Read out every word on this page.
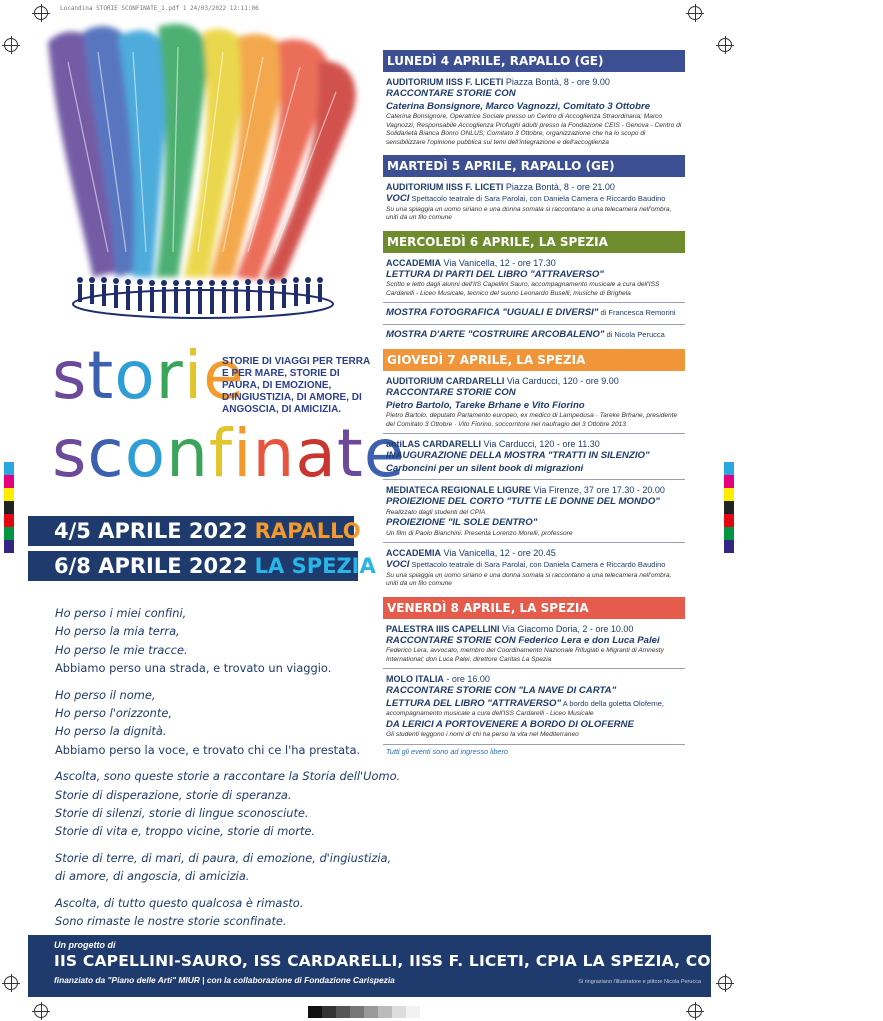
Locandina STORIE SCONFINATE_1.pdf 1 24/03/2022 12:11:06
storie
sconfinate
STORIE DI VIAGGI PER TERRA E PER MARE, STORIE DI PAURA, DI EMOZIONE, D'INGIUSTIZIA, DI AMORE, DI ANGOSCIA, DI AMICIZIA.
4/5 APRILE 2022 RAPALLO
6/8 APRILE 2022 LA SPEZIA

Ho perso i miei confini,

Ho perso la mia terra,

Ho perso le mie tracce.

Abbiamo perso una strada, e trovato un viaggio.

Ho perso il nome,

Ho perso l'orizzonte,

Ho perso la dignità.

Abbiamo perso la voce, e trovato chi ce l'ha prestata.

Ascolta, sono queste storie a raccontare la Storia dell'Uomo.

Storie di disperazione, storie di speranza.

Storie di silenzi, storie di lingue sconosciute.

Storie di vita e, troppo vicine, storie di morte.

Storie di terre, di mari, di paura, di emozione, d'ingiustizia,

di amore, di angoscia, di amicizia.

Ascolta, di tutto questo qualcosa è rimasto.

Sono rimaste le nostre storie sconfinate.

LUNEDÌ 4 APRILE, RAPALLO (GE)
AUDITORIUM IISS F. LICETI Piazza Bontà, 8 - ore 9.00
RACCONTARE STORIE CON
Caterina Bonsignore, Marco Vagnozzi, Comitato 3 Ottobre
Caterina Bonsignore, Operatrice Sociale presso un Centro di Accoglienza Straordinaria; Marco Vagnozzi, Responsabile Accoglienza Profughi adulti presso la Fondazione CEIS - Genova - Centro di Solidarietà Bianca Bonro ONLUS; Comitato 3 Ottobre, organizzazione che ha lo scopo di sensibilizzare l'opinione pubblica sui temi dell'integrazione e dell'accoglienza
MARTEDÌ 5 APRILE, RAPALLO (GE)
AUDITORIUM IISS F. LICETI Piazza Bontà, 8 - ore 21.00
VOCI Spettacolo teatrale di Sara Parolai, con Daniela Camera e Riccardo Baudino
Su una spiaggia un uomo siriano e una donna somala si raccontano a una telecamera nell'ombra, uniti da un filo comune
MERCOLEDÌ 6 APRILE, LA SPEZIA
ACCADEMIA Via Vanicella, 12 - ore 17.30
LETTURA DI PARTI DEL LIBRO "ATTRAVERSO"
Scritto e letto dagli alunni dell'IIS Capellini Sauro, accompagnamento musicale a cura dell'ISS Cardarelli - Liceo Musicale, tecnico del suono Leonardo Buselli, musiche di Brighela
MOSTRA FOTOGRAFICA "UGUALI E DIVERSI" di Francesca Remorini
MOSTRA D'ARTE "COSTRUIRE ARCOBALENO" di Nicola Perucca
GIOVEDÌ 7 APRILE, LA SPEZIA
AUDITORIUM CARDARELLI Via Carducci, 120 - ore 9.00
RACCONTARE STORIE CON
Pietro Bartolo, Tareke Brhane e Vito Fiorino
Pietro Bartolo, deputato Parlamento europeo, ex medico di Lampedusa · Tareke Brhane, presidente del Comitato 3 Ottobre · Vito Fiorino, soccorritore nel naufragio del 3 Ottobre 2013
antiLAS CARDARELLI Via Carducci, 120 - ore 11.30
INAUGURAZIONE DELLA MOSTRA "TRATTI IN SILENZIO"
Carboncini per un silent book di migrazioni
MEDIATECA REGIONALE LIGURE Via Firenze, 37 ore 17.30 - 20.00
PROIEZIONE DEL CORTO "TUTTE LE DONNE DEL MONDO"
Realizzato dagli studenti del CPIA
PROIEZIONE "IL SOLE DENTRO"
Un film di Paolo Bianchini. Presenta Lorenzo Morelli, professore
ACCADEMIA Via Vanicella, 12 - ore 20.45
VOCI Spettacolo teatrale di Sara Parolai, con Daniela Camera e Riccardo Baudino
Su una spiaggia un uomo siriano e una donna somala si raccontano a una telecamera nell'ombra, uniti da un filo comune
VENERDÌ 8 APRILE, LA SPEZIA
PALESTRA IIIS CAPELLINI Via Giacomo Doria, 2 - ore 10.00
RACCONTARE STORIE CON Federico Lera e don Luca Palei
Federico Lera, avvocato, membro del Coordinamento Nazionale Rifugiati e Migranti di Amnesty International; don Luca Palei, direttore Caritas La Spezia
MOLO ITALIA - ore 16.00
RACCONTARE STORIE CON "LA NAVE DI CARTA"
LETTURA DEL LIBRO "ATTRAVERSO" A bordo della goletta Oloferne,
accompagnamento musicale a cura dell'ISS Cardarelli - Liceo Musicale
DA LERICI A PORTOVENERE A BORDO DI OLOFERNE
Gli studenti leggono i nomi di chi ha perso la vita nel Mediterraneo
Tutti gli eventi sono ad ingresso libero
Un progetto di
IIS CAPELLINI-SAURO, ISS CARDARELLI, IISS F. LICETI, CPIA LA SPEZIA, COMITATO 3 OTTOBRE
finanziato da "Piano delle Arti" MIUR | con la collaborazione di Fondazione Carispezia	Si ringraziano l'illustratore e pittore Nicola Perucca
